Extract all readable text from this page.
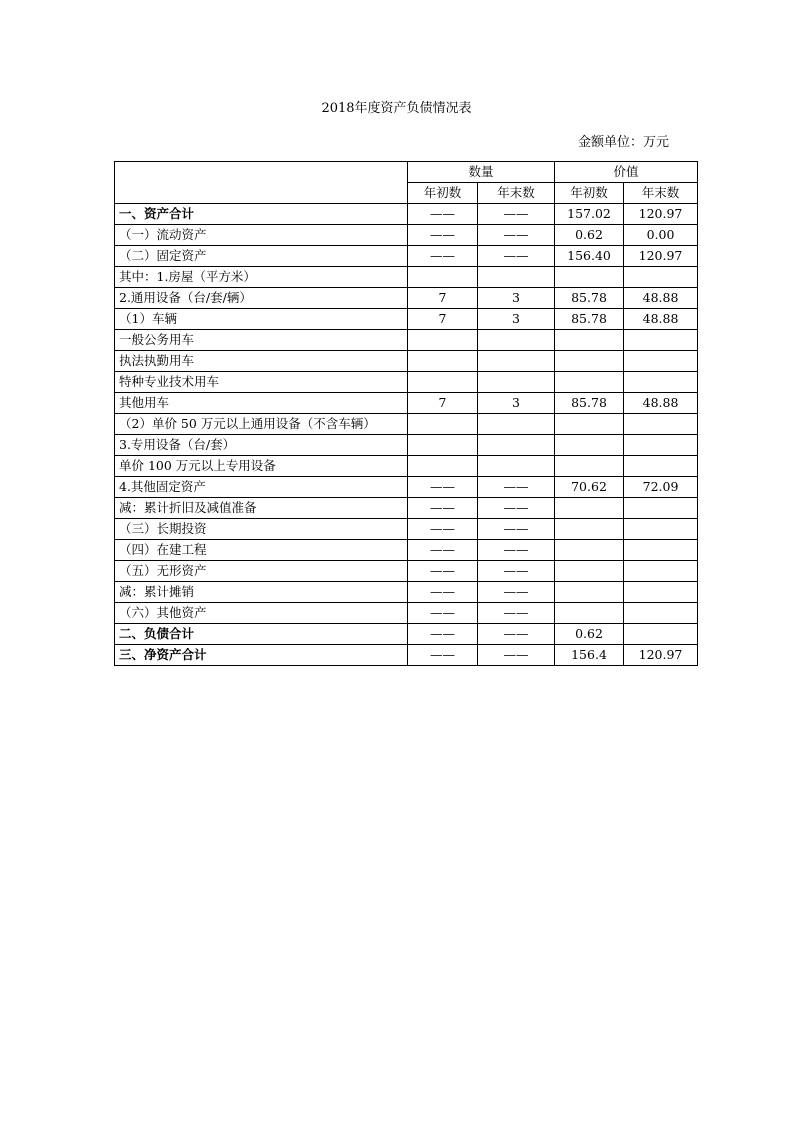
2018年度资产负债情况表
金额单位：万元
	数量		价值	
	年初数	年末数	年初数	年末数
一、资产合计	——	——	157.02	120.97
（一）流动资产	——	——	0.62	0.00
（二）固定资产	——	——	156.40	120.97
其中：1.房屋（平方米）				
2.通用设备（台/套/辆）	7	3	85.78	48.88
（1）车辆	7	3	85.78	48.88
一般公务用车				
执法执勤用车				
特种专业技术用车				
其他用车	7	3	85.78	48.88
（2）单价 50 万元以上通用设备（不含车辆）				
3.专用设备（台/套）				
单价 100 万元以上专用设备				
4.其他固定资产	——	——	70.62	72.09
减：累计折旧及减值准备	——	——		
（三）长期投资	——	——		
（四）在建工程	——	——		
（五）无形资产	——	——		
减：累计摊销	——	——		
（六）其他资产	——	——		
二、负债合计	——	——	0.62	
三、净资产合计	——	——	156.4	120.97
